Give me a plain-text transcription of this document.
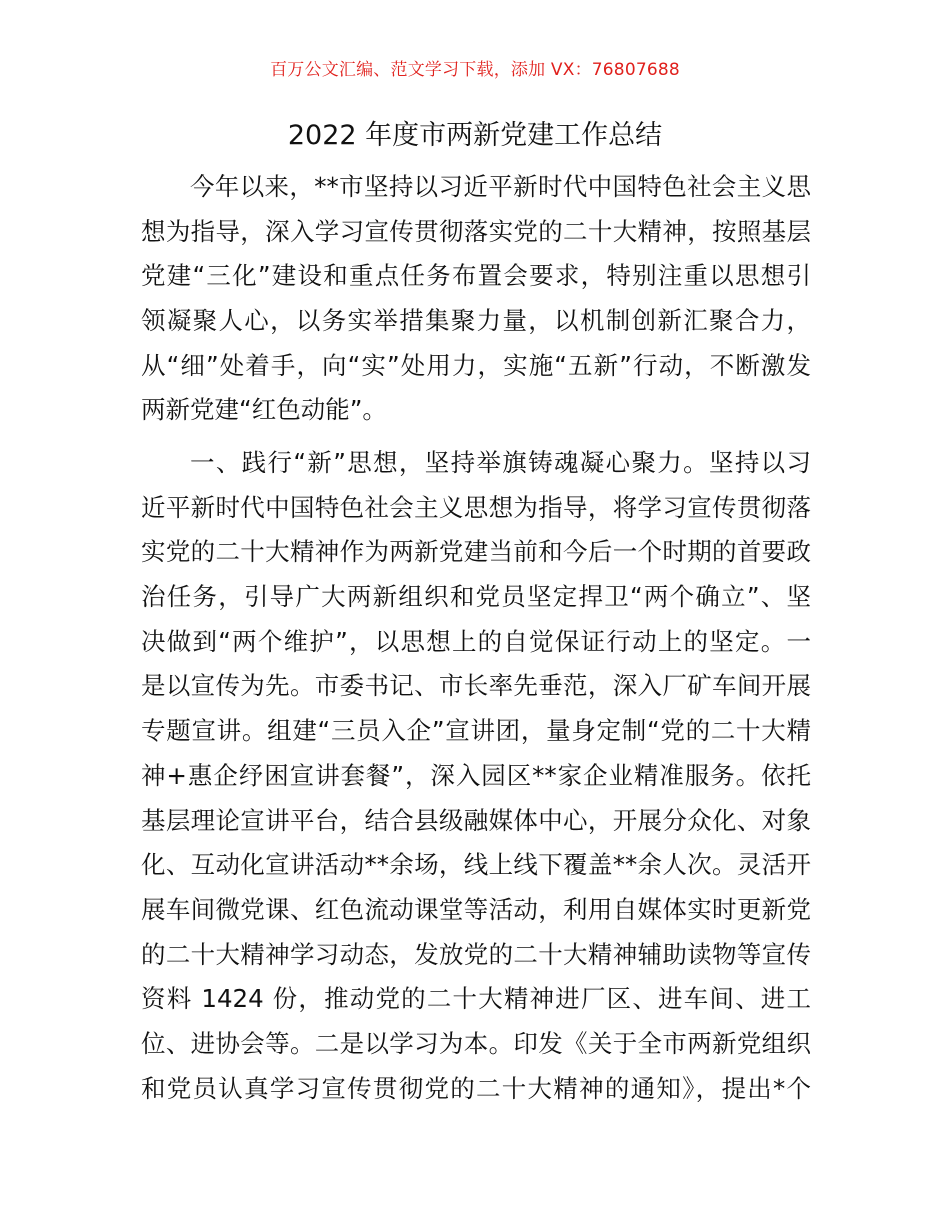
百万公文汇编、范文学习下载，添加 VX：76807688
2022 年度市两新党建工作总结
今年以来，**市坚持以习近平新时代中国特色社会主义思
想为指导，深入学习宣传贯彻落实党的二十大精神，按照基层
党建“三化”建设和重点任务布置会要求，特别注重以思想引
领凝聚人心，以务实举措集聚力量，以机制创新汇聚合力，
从“细”处着手，向“实”处用力，实施“五新”行动，不断激发
两新党建“红色动能”。
一、践行“新”思想，坚持举旗铸魂凝心聚力。坚持以习
近平新时代中国特色社会主义思想为指导，将学习宣传贯彻落
实党的二十大精神作为两新党建当前和今后一个时期的首要政
治任务，引导广大两新组织和党员坚定捍卫“两个确立”、坚
决做到“两个维护”，以思想上的自觉保证行动上的坚定。一
是以宣传为先。市委书记、市长率先垂范，深入厂矿车间开展
专题宣讲。组建“三员入企”宣讲团，量身定制“党的二十大精
神+惠企纾困宣讲套餐”，深入园区**家企业精准服务。依托
基层理论宣讲平台，结合县级融媒体中心，开展分众化、对象
化、互动化宣讲活动**余场，线上线下覆盖**余人次。灵活开
展车间微党课、红色流动课堂等活动，利用自媒体实时更新党
的二十大精神学习动态，发放党的二十大精神辅助读物等宣传
资料 1424 份，推动党的二十大精神进厂区、进车间、进工
位、进协会等。二是以学习为本。印发《关于全市两新党组织
和党员认真学习宣传贯彻党的二十大精神的通知》，提出*个
